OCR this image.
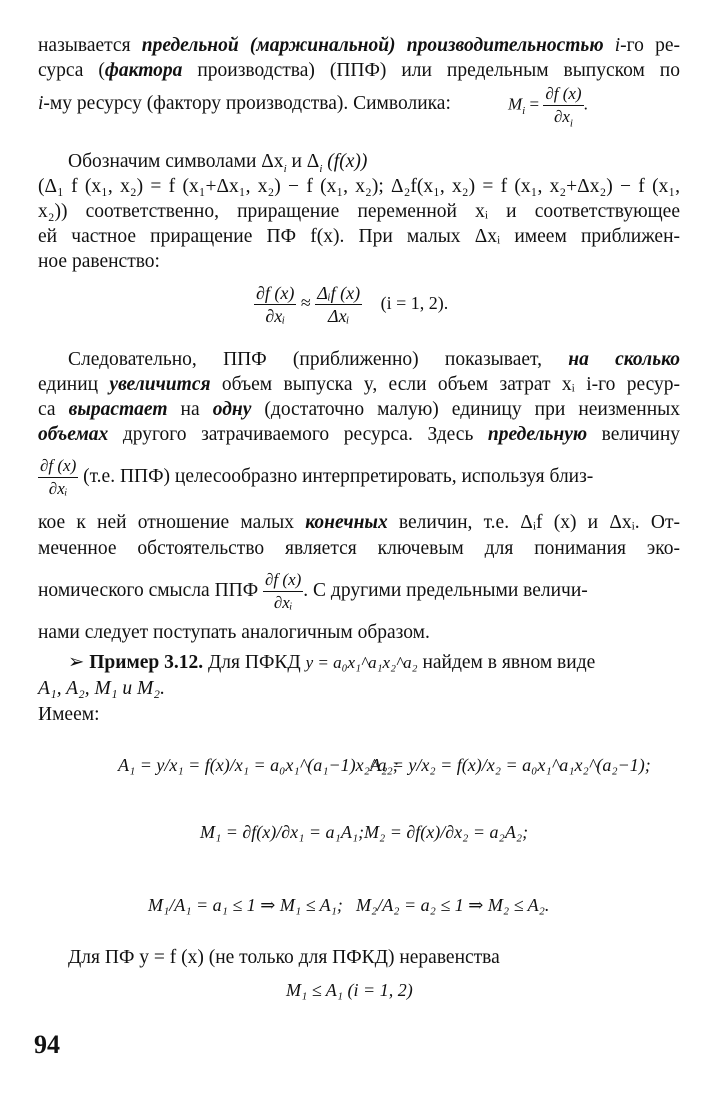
называется предельной (маржинальной) производительностью i-го ре-
сурса (фактора производства) (ППФ) или предельным выпуском по
i-му ресурсу (фактору производства). Символика:	$M_i = \frac{\partial f (x)}{\partial x_i}$ .
Обозначим символами $\Delta x_i$ и $\Delta_i$ (f(x))
(Δ₁ f (x₁, x₂) = f (x₁+Δx₁, x₂) − f (x₁, x₂); Δ₂f(x₁, x₂) = f (x₁, x₂+Δx₂) − f (x₁,
x₂)) соответственно, приращение переменной xᵢ и соответствующее
ей частное приращение ПФ f(x). При малых Δxᵢ имеем приближен-
ное равенство:
$\frac{\partial f (x)}{\text{∂xᵢ}} \approx \frac{\text{Δᵢf (x)}}{\text{Δxᵢ}} (i = 1$, 2).
Следовательно, ППФ (приближенно) показывает, на сколько
единиц увеличится объем выпуска y, если объем затрат xᵢ i-го ресур-
са вырастает на одну (достаточно малую) единицу при неизменных
объемах другого затрачиваемого ресурса. Здесь предельную величину
$\frac{\partial f (x)}{\text{∂xᵢ}} (т.е$. ППФ) целесообразно интерпретировать, используя близ-
кое к ней отношение малых конечных величин, т.е. Δᵢf (x) и Δxᵢ. От-
меченное обстоятельство является ключевым для понимания эко-
номического смысла ППФ $\frac{\partial f (x)}{\text{∂xᵢ}}$ . С другими предельными величи-
нами следует поступать аналогичным образом.
➢ Пример 3.12. Для ПФКД y = a₀x₁^a₁x₂^a₂ найдем в явном виде
A₁, A₂, M₁ и M₂.
Имеем:
A₁ = y/x₁ = f(x)/x₁ = a₀x₁^(a₁−1)x₂^a₂;
A₂ = y/x₂ = f(x)/x₂ = a₀x₁^a₁x₂^(a₂−1);
M₁ = ∂f(x)/∂x₁ = a₁A₁; M₂ = ∂f(x)/∂x₂ = a₂A₂;
M₁/A₁ = a₁ ≤ 1 ⇒ M₁ ≤ A₁; M₂/A₂ = a₂ ≤ 1 ⇒ M₂ ≤ A₂.
Для ПФ y = f (x) (не только для ПФКД) неравенства
M₁ ≤ A₁ (i = 1, 2)
94
